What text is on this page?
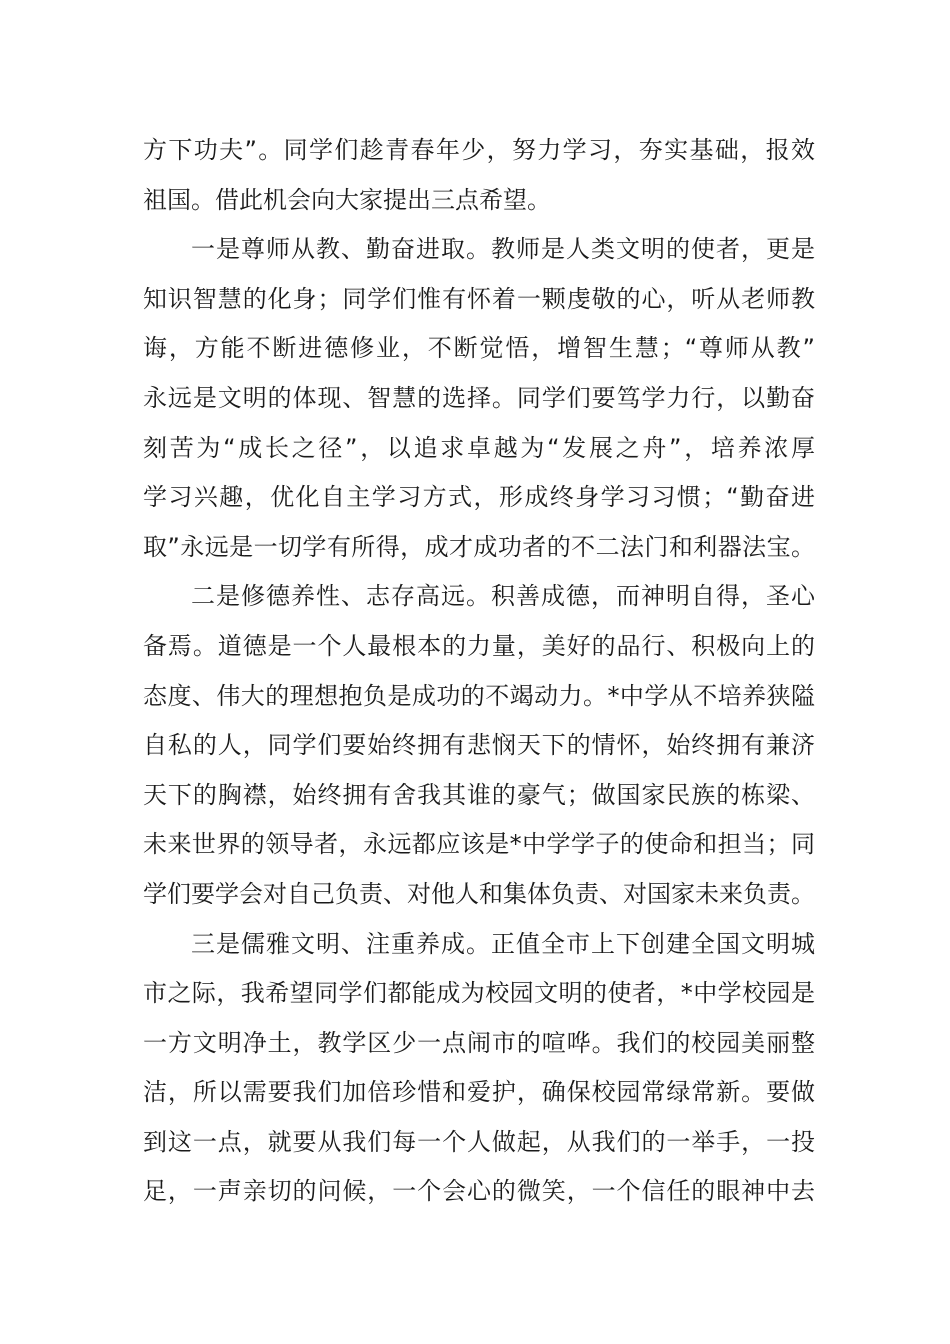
方下功夫”。同学们趁青春年少，努力学习，夯实基础，报效
祖国。借此机会向大家提出三点希望。
一是尊师从教、勤奋进取。教师是人类文明的使者，更是
知识智慧的化身；同学们惟有怀着一颗虔敬的心，听从老师教
诲，方能不断进德修业，不断觉悟，增智生慧；“尊师从教”
永远是文明的体现、智慧的选择。同学们要笃学力行，以勤奋
刻苦为“成长之径”，以追求卓越为“发展之舟”，培养浓厚
学习兴趣，优化自主学习方式，形成终身学习习惯；“勤奋进
取”永远是一切学有所得，成才成功者的不二法门和利器法宝。
二是修德养性、志存高远。积善成德，而神明自得，圣心
备焉。道德是一个人最根本的力量，美好的品行、积极向上的
态度、伟大的理想抱负是成功的不竭动力。*中学从不培养狭隘
自私的人，同学们要始终拥有悲悯天下的情怀，始终拥有兼济
天下的胸襟，始终拥有舍我其谁的豪气；做国家民族的栋梁、
未来世界的领导者，永远都应该是*中学学子的使命和担当；同
学们要学会对自己负责、对他人和集体负责、对国家未来负责。
三是儒雅文明、注重养成。正值全市上下创建全国文明城
市之际，我希望同学们都能成为校园文明的使者，*中学校园是
一方文明净土，教学区少一点闹市的喧哗。我们的校园美丽整
洁，所以需要我们加倍珍惜和爱护，确保校园常绿常新。要做
到这一点，就要从我们每一个人做起，从我们的一举手，一投
足，一声亲切的问候，一个会心的微笑，一个信任的眼神中去
